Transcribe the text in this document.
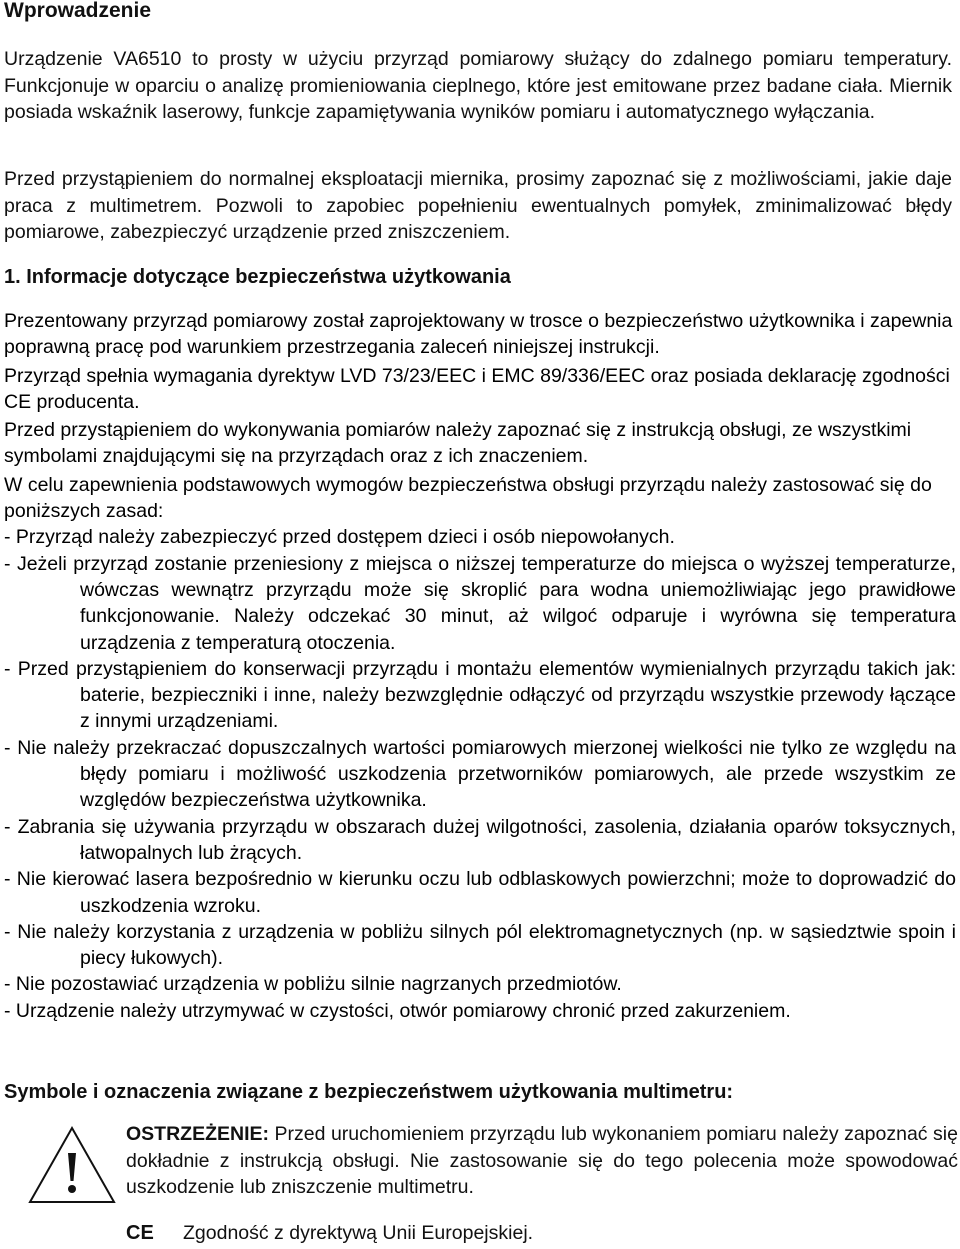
Wprowadzenie

Urządzenie VA6510 to prosty w użyciu przyrząd pomiarowy służący do zdalnego pomiaru temperatury. Funkcjonuje w oparciu o analizę promieniowania cieplnego, które jest emitowane przez badane ciała. Miernik posiada wskaźnik laserowy, funkcje zapamiętywania wyników pomiaru i automatycznego wyłączania.

Przed przystąpieniem do normalnej eksploatacji miernika, prosimy zapoznać się z możliwościami, jakie daje praca z multimetrem. Pozwoli to zapobiec popełnieniu ewentualnych pomyłek, zminimalizować błędy pomiarowe, zabezpieczyć urządzenie przed zniszczeniem.

1. Informacje dotyczące bezpieczeństwa użytkowania

Prezentowany przyrząd pomiarowy został zaprojektowany w trosce o bezpieczeństwo użytkownika i zapewnia poprawną pracę pod warunkiem przestrzegania zaleceń niniejszej instrukcji.

Przyrząd spełnia wymagania dyrektyw LVD 73/23/EEC i EMC 89/336/EEC oraz posiada deklarację zgodności CE producenta.

Przed przystąpieniem do wykonywania pomiarów należy zapoznać się z instrukcją obsługi, ze wszystkimi symbolami znajdującymi się na przyrządach oraz z ich znaczeniem.

W celu zapewnienia podstawowych wymogów bezpieczeństwa obsługi przyrządu należy zastosować się do poniższych zasad:

- Przyrząd należy zabezpieczyć przed dostępem dzieci i osób niepowołanych.

- Jeżeli przyrząd zostanie przeniesiony z miejsca o niższej temperaturze do miejsca o wyższej temperaturze, wówczas wewnątrz przyrządu może się skroplić para wodna uniemożliwiając jego prawidłowe funkcjonowanie. Należy odczekać 30 minut, aż wilgoć odparuje i wyrówna się temperatura urządzenia z temperaturą otoczenia.

- Przed przystąpieniem do konserwacji przyrządu i montażu elementów wymienialnych przyrządu takich jak: baterie, bezpieczniki i inne, należy bezwzględnie odłączyć od przyrządu wszystkie przewody łączące z innymi urządzeniami.

- Nie należy przekraczać dopuszczalnych wartości pomiarowych mierzonej wielkości nie tylko ze względu na błędy pomiaru i możliwość uszkodzenia przetworników pomiarowych, ale przede wszystkim ze względów bezpieczeństwa użytkownika.

- Zabrania się używania przyrządu w obszarach dużej wilgotności, zasolenia, działania oparów toksycznych, łatwopalnych lub żrących.

- Nie kierować lasera bezpośrednio w kierunku oczu lub odblaskowych powierzchni; może to doprowadzić do uszkodzenia wzroku.

- Nie należy korzystania z urządzenia w pobliżu silnych pól elektromagnetycznych (np. w sąsiedztwie spoin i piecy łukowych).

- Nie pozostawiać urządzenia w pobliżu silnie nagrzanych przedmiotów.

- Urządzenie należy utrzymywać w czystości, otwór pomiarowy chronić przed zakurzeniem.

Symbole i oznaczenia związane z bezpieczeństwem użytkowania multimetru:
OSTRZEŻENIE: Przed uruchomieniem przyrządu lub wykonaniem pomiaru należy zapoznać się dokładnie z instrukcją obsługi. Nie zastosowanie się do tego polecenia może spowodować uszkodzenie lub zniszczenie multimetru.
CE Zgodność z dyrektywą Unii Europejskiej.
